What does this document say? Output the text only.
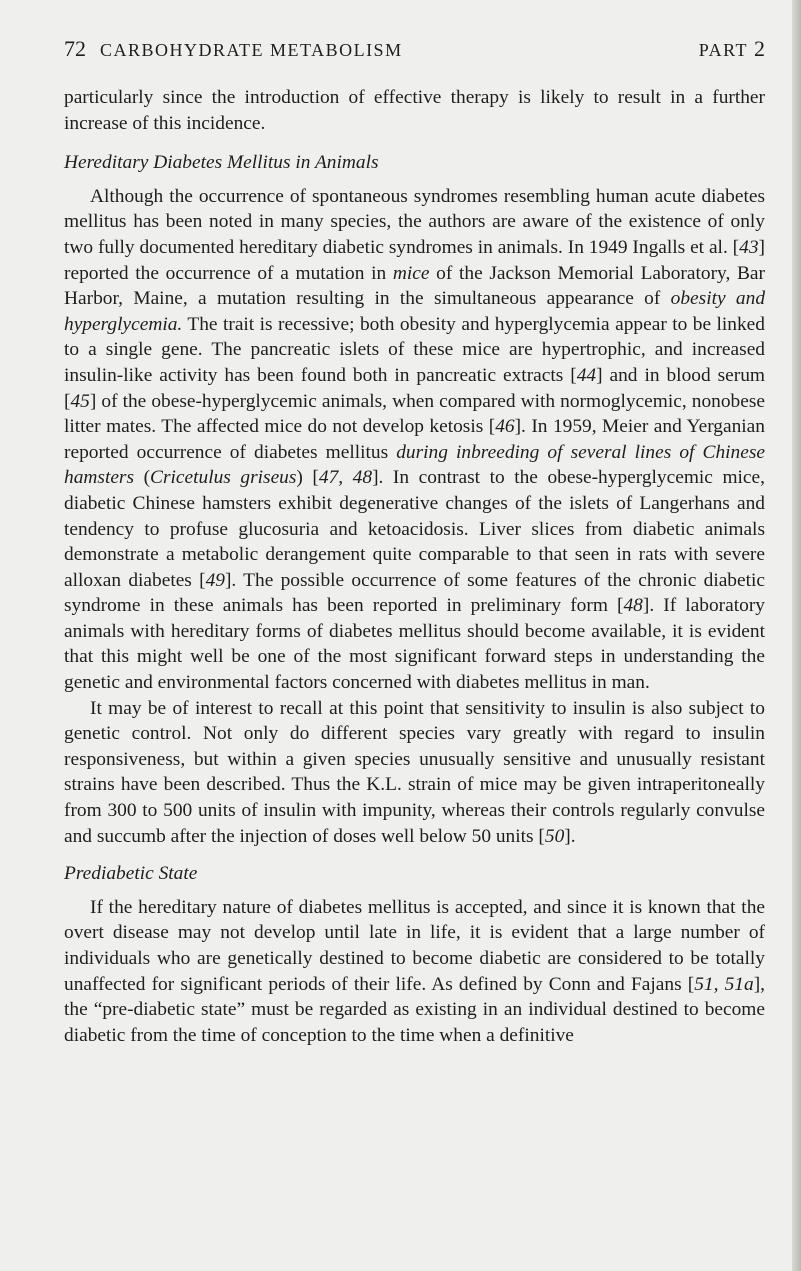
72 CARBOHYDRATE METABOLISM	PART 2

particularly since the introduction of effective therapy is likely to result in a further increase of this incidence.

Hereditary Diabetes Mellitus in Animals

Although the occurrence of spontaneous syndromes resembling human acute diabetes mellitus has been noted in many species, the authors are aware of the existence of only two fully documented hereditary diabetic syndromes in animals. In 1949 Ingalls et al. [43] reported the occurrence of a mutation in mice of the Jackson Memorial Laboratory, Bar Harbor, Maine, a mutation resulting in the simultaneous appearance of obesity and hyperglycemia. The trait is recessive; both obesity and hyperglycemia appear to be linked to a single gene. The pancreatic islets of these mice are hypertrophic, and increased insulin-like activity has been found both in pancreatic extracts [44] and in blood serum [45] of the obese-hyperglycemic animals, when compared with normoglycemic, nonobese litter mates. The affected mice do not develop ketosis [46]. In 1959, Meier and Yerganian reported occurrence of diabetes mellitus during inbreeding of several lines of Chinese hamsters (Cricetulus griseus) [47, 48]. In contrast to the obese-hyperglycemic mice, diabetic Chinese hamsters exhibit degenerative changes of the islets of Langerhans and tendency to profuse glucosuria and ketoacidosis. Liver slices from diabetic animals demonstrate a metabolic derangement quite comparable to that seen in rats with severe alloxan diabetes [49]. The possible occurrence of some features of the chronic diabetic syndrome in these animals has been reported in preliminary form [48]. If laboratory animals with hereditary forms of diabetes mellitus should become available, it is evident that this might well be one of the most significant forward steps in understanding the genetic and environmental factors concerned with diabetes mellitus in man.

It may be of interest to recall at this point that sensitivity to insulin is also subject to genetic control. Not only do different species vary greatly with regard to insulin responsiveness, but within a given species unusually sensitive and unusually resistant strains have been described. Thus the K.L. strain of mice may be given intraperitoneally from 300 to 500 units of insulin with impunity, whereas their controls regularly convulse and succumb after the injection of doses well below 50 units [50].

Prediabetic State

If the hereditary nature of diabetes mellitus is accepted, and since it is known that the overt disease may not develop until late in life, it is evident that a large number of individuals who are genetically destined to become diabetic are considered to be totally unaffected for significant periods of their life. As defined by Conn and Fajans [51, 51a], the “pre-diabetic state” must be regarded as existing in an individual destined to become diabetic from the time of conception to the time when a definitive
